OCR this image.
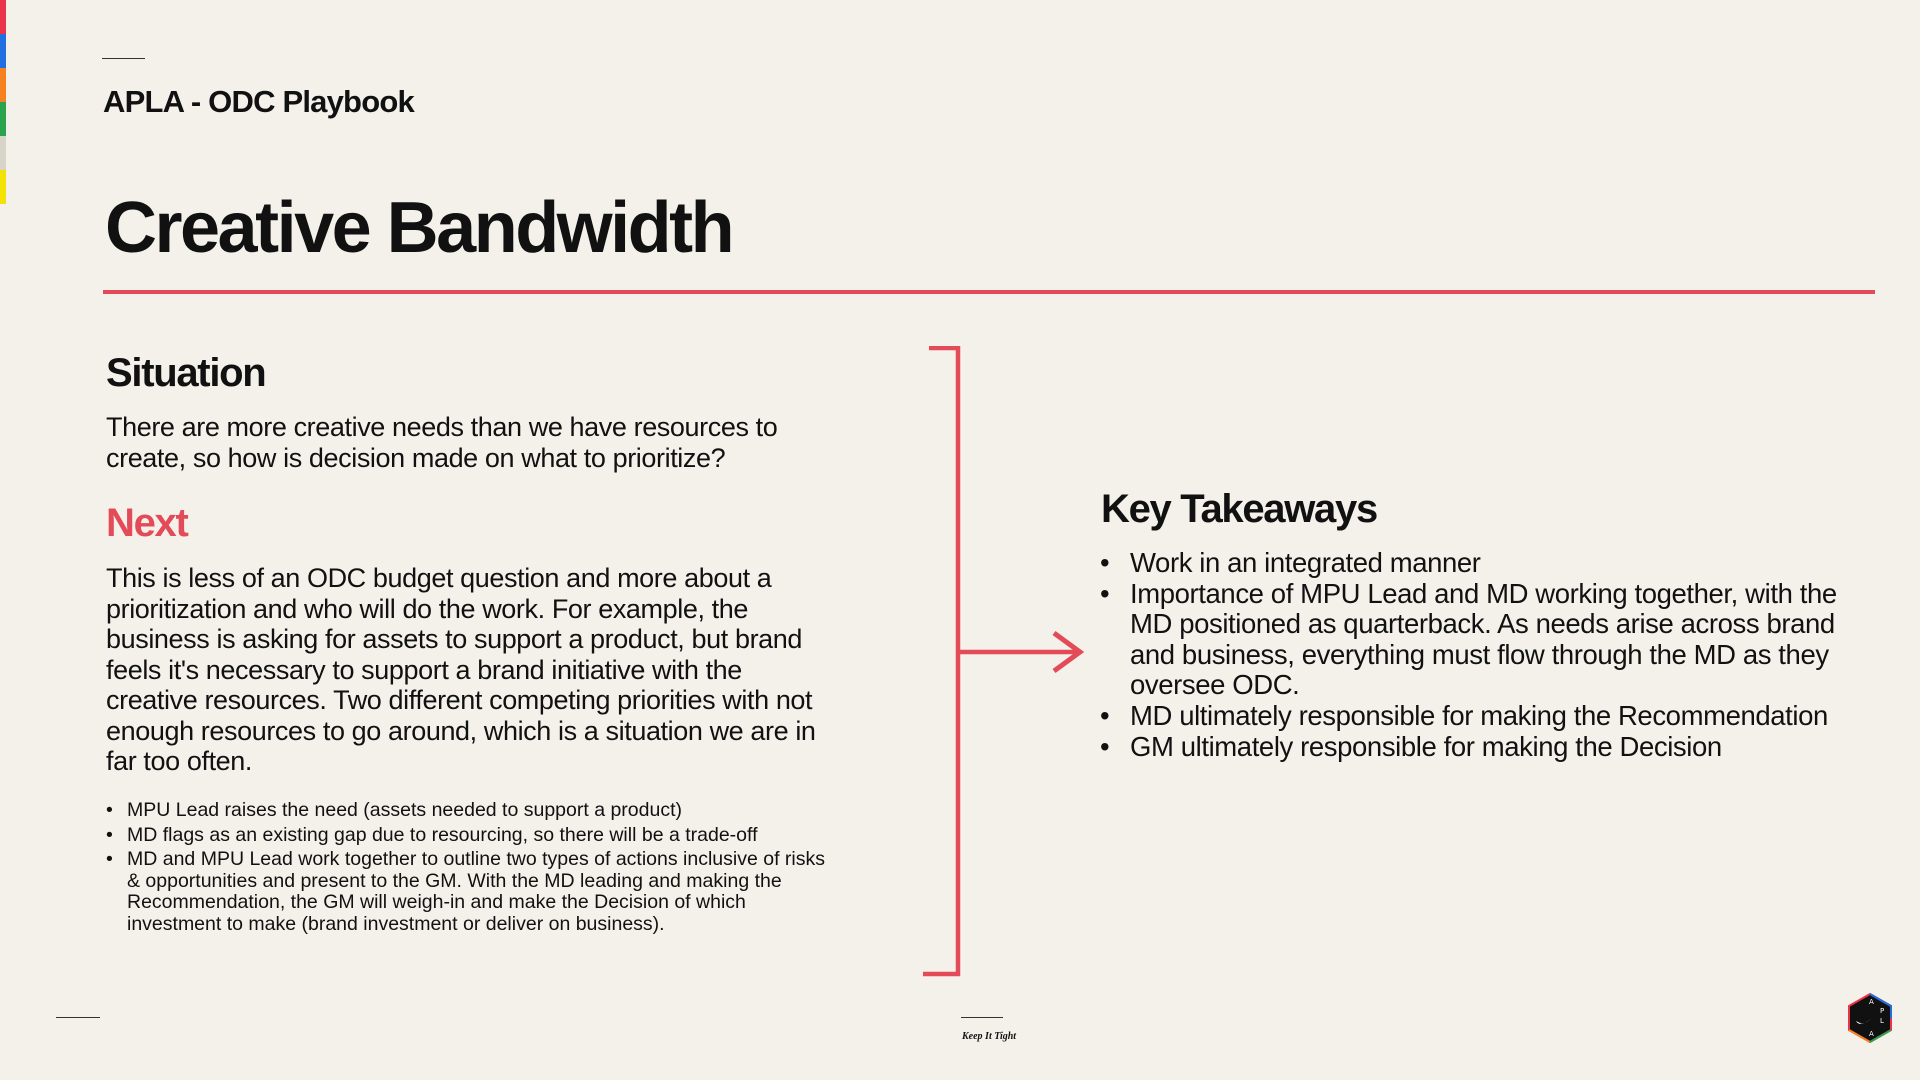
APLA - ODC Playbook
Creative Bandwidth
Situation
There are more creative needs than we have resources to create, so how is decision made on what to prioritize?
Next
This is less of an ODC budget question and more about a prioritization and who will do the work. For example, the business is asking for assets to support a product, but brand feels it's necessary to support a brand initiative with the creative resources. Two different competing priorities with not enough resources to go around, which is a situation we are in far too often.
• MPU Lead raises the need (assets needed to support a product)
• MD flags as an existing gap due to resourcing, so there will be a trade-off
• MD and MPU Lead work together to outline two types of actions inclusive of risks & opportunities and present to the GM. With the MD leading and making the Recommendation, the GM will weigh-in and make the Decision of which investment to make (brand investment or deliver on business).
Key Takeaways
• Work in an integrated manner
• Importance of MPU Lead and MD working together, with the MD positioned as quarterback. As needs arise across brand and business, everything must flow through the MD as they oversee ODC.
• MD ultimately responsible for making the Recommendation
• GM ultimately responsible for making the Decision
Keep It Tight
A
P
L
A
